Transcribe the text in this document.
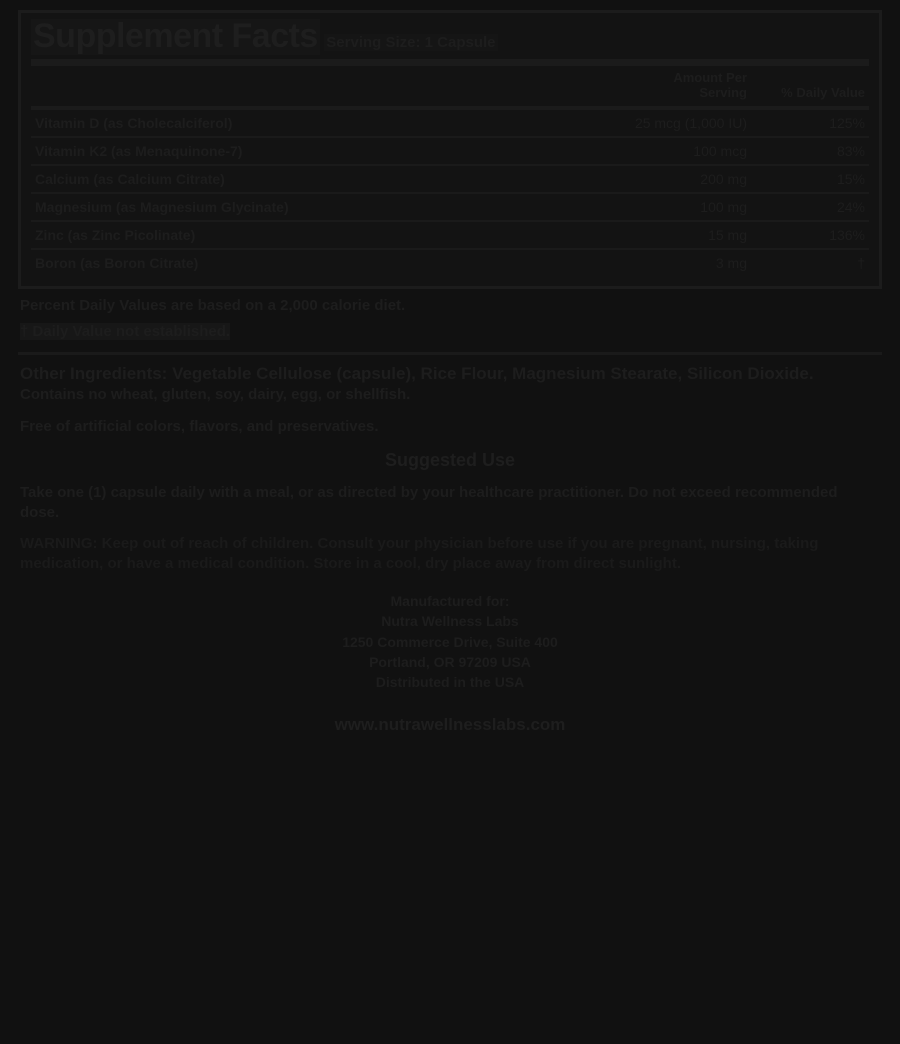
Supplement Facts Serving Size: 1 Capsule
	Amount Per Serving	% Daily Value
Vitamin D (as Cholecalciferol)	25 mcg (1,000 IU)	125%
Vitamin K2 (as Menaquinone-7)	100 mcg	83%
Calcium (as Calcium Citrate)	200 mg	15%
Magnesium (as Magnesium Glycinate)	100 mg	24%
Zinc (as Zinc Picolinate)	15 mg	136%
Boron (as Boron Citrate)	3 mg	†
Percent Daily Values are based on a 2,000 calorie diet.
† Daily Value not established.
Other Ingredients: Vegetable Cellulose (capsule), Rice Flour, Magnesium Stearate, Silicon Dioxide.
Contains no wheat, gluten, soy, dairy, egg, or shellfish.
Free of artificial colors, flavors, and preservatives.
Suggested Use
Take one (1) capsule daily with a meal, or as directed by your healthcare practitioner. Do not exceed recommended dose.
WARNING: Keep out of reach of children. Consult your physician before use if you are pregnant, nursing, taking medication, or have a medical condition. Store in a cool, dry place away from direct sunlight.
Manufactured for:
Nutra Wellness Labs
1250 Commerce Drive, Suite 400
Portland, OR 97209 USA
Distributed in the USA
www.nutrawellnesslabs.com
